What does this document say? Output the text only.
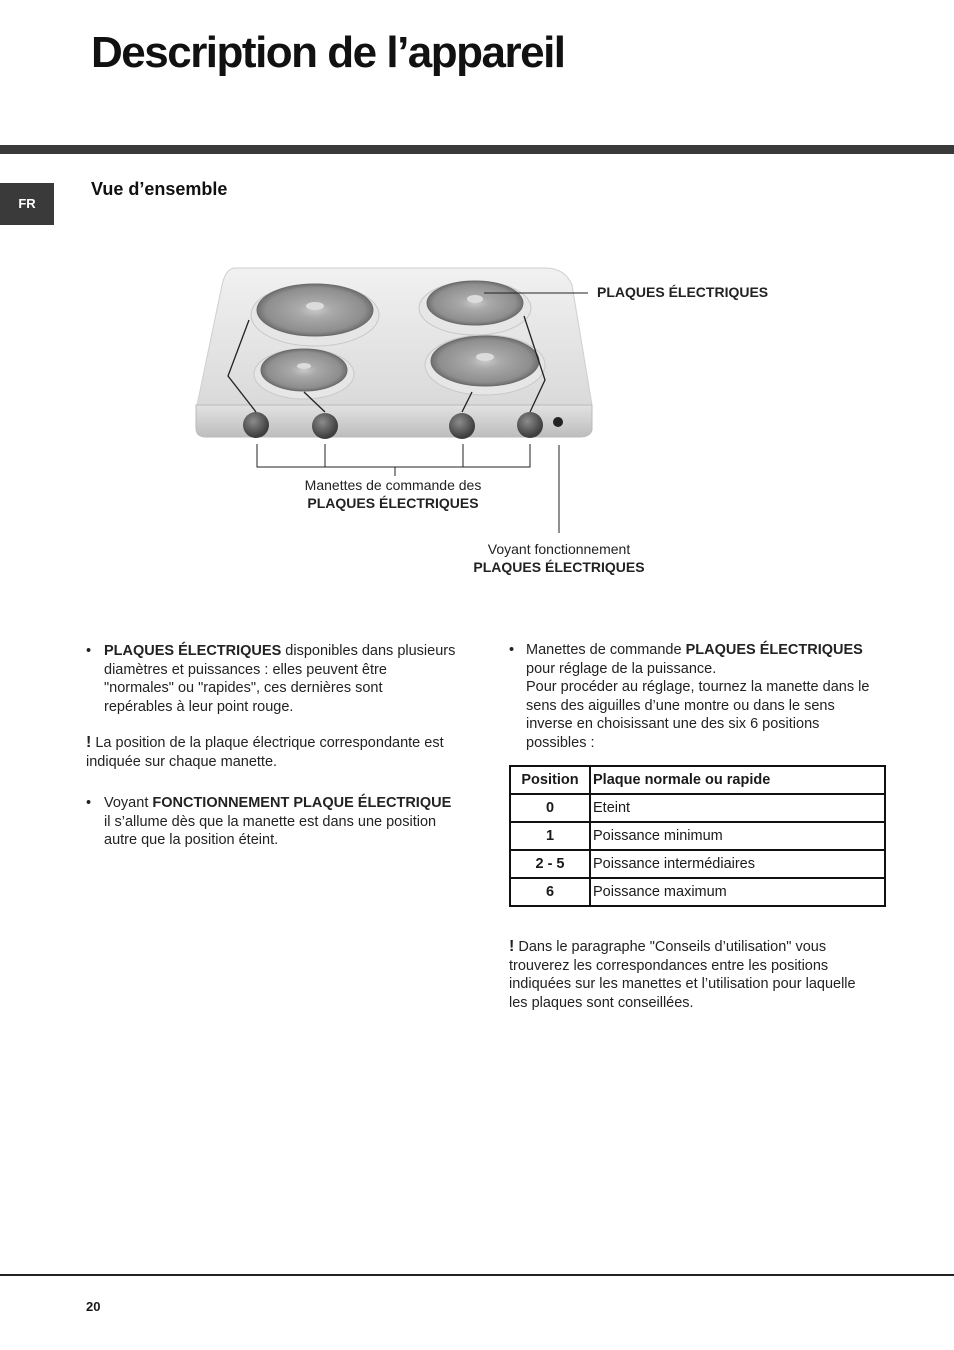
Description de l’appareil
FR
Vue d’ensemble
PLAQUES ÉLECTRIQUES
Manettes de commande des
PLAQUES ÉLECTRIQUES
Voyant fonctionnement
PLAQUES ÉLECTRIQUES
• PLAQUES ÉLECTRIQUES disponibles dans plusieurs
diamètres et puissances : elles peuvent être
"normales" ou "rapides", ces dernières sont
repérables à leur point rouge.
! La position de la plaque électrique correspondante est
indiquée sur chaque manette.
• Voyant FONCTIONNEMENT PLAQUE ÉLECTRIQUE
il s’allume dès que la manette est dans une position
autre que la position éteint.
• Manettes de commande PLAQUES ÉLECTRIQUES
pour réglage de la puissance.
Pour procéder au réglage, tournez la manette dans le
sens des aiguilles d’une montre ou dans le sens
inverse en choisissant une des six 6 positions
possibles :
Position	Plaque normale ou rapide
0	Eteint
1	Poissance minimum
2 - 5	Poissance intermédiaires
6	Poissance maximum
! Dans le paragraphe "Conseils d’utilisation" vous
trouverez les correspondances entre les positions
indiquées sur les manettes et l’utilisation pour laquelle
les plaques sont conseillées.
20
